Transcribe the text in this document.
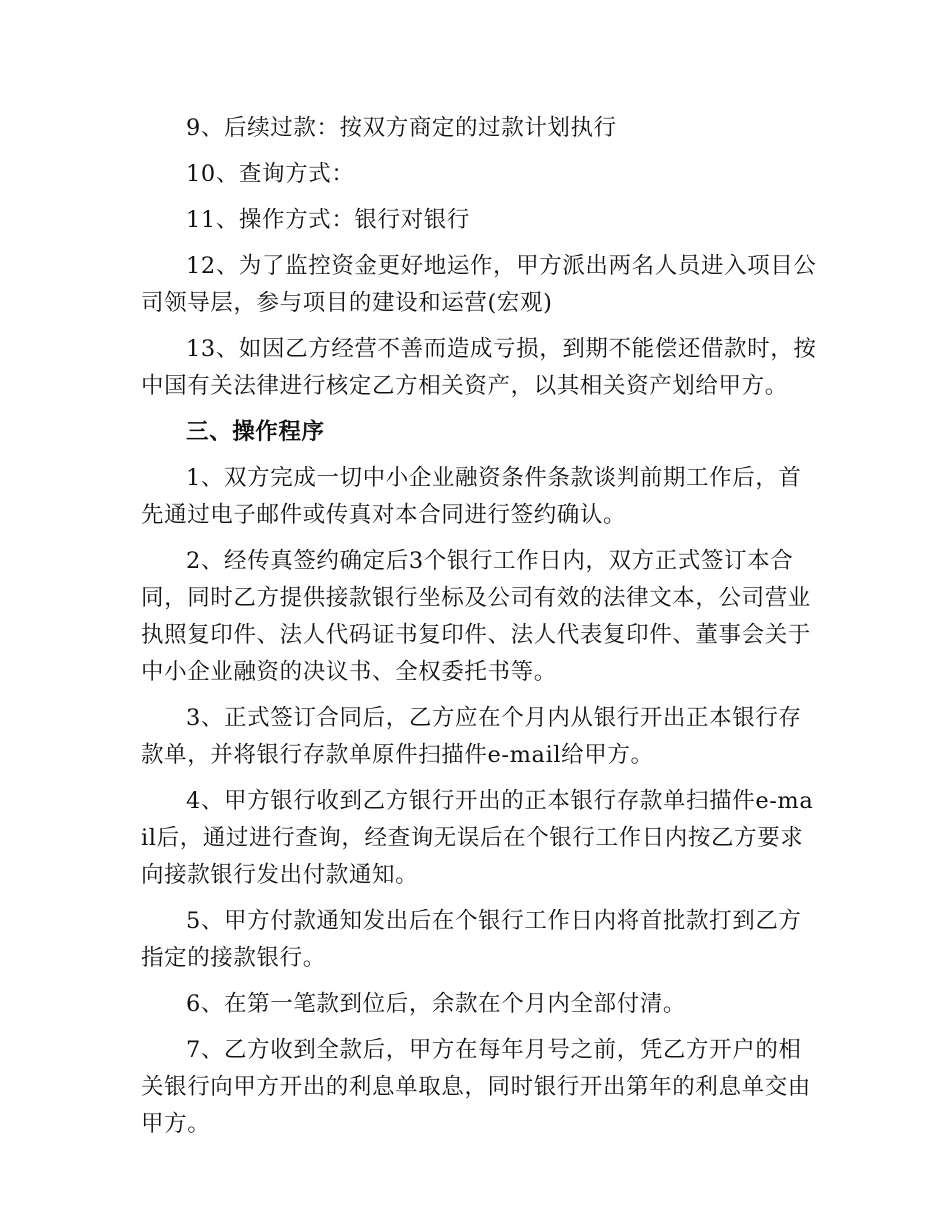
9、后续过款：按双方商定的过款计划执行

10、查询方式：

11、操作方式：银行对银行

12、为了监控资金更好地运作，甲方派出两名人员进入项目公司领导层，参与项目的建设和运营(宏观)

13、如因乙方经营不善而造成亏损，到期不能偿还借款时，按中国有关法律进行核定乙方相关资产，以其相关资产划给甲方。

三、操作程序

1、双方完成一切中小企业融资条件条款谈判前期工作后，首先通过电子邮件或传真对本合同进行签约确认。

2、经传真签约确定后3个银行工作日内，双方正式签订本合同，同时乙方提供接款银行坐标及公司有效的法律文本，公司营业执照复印件、法人代码证书复印件、法人代表复印件、董事会关于中小企业融资的决议书、全权委托书等。

3、正式签订合同后，乙方应在个月内从银行开出正本银行存款单，并将银行存款单原件扫描件e-mail给甲方。

4、甲方银行收到乙方银行开出的正本银行存款单扫描件e-mail后，通过进行查询，经查询无误后在个银行工作日内按乙方要求向接款银行发出付款通知。

5、甲方付款通知发出后在个银行工作日内将首批款打到乙方指定的接款银行。

6、在第一笔款到位后，余款在个月内全部付清。

7、乙方收到全款后，甲方在每年月号之前，凭乙方开户的相关银行向甲方开出的利息单取息，同时银行开出第年的利息单交由甲方。
